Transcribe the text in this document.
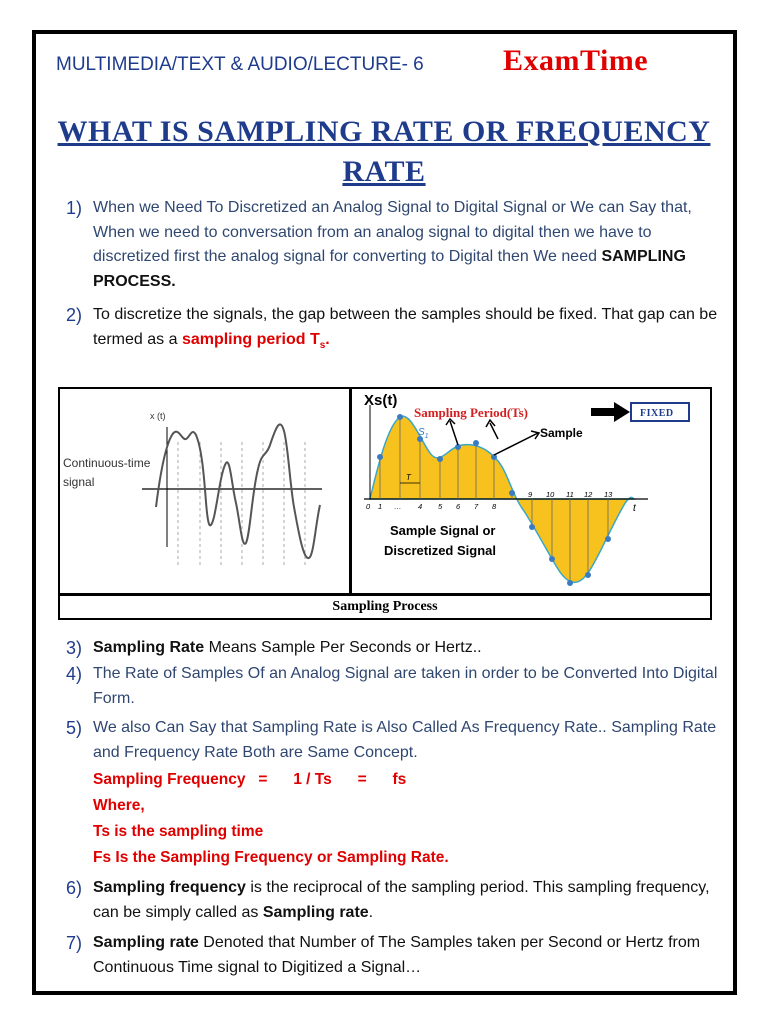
MULTIMEDIA/TEXT & AUDIO/LECTURE- 6	ExamTime
WHAT IS SAMPLING RATE OR FREQUENCY
RATE
1) When we Need To Discretized an Analog Signal to Digital Signal or We can Say that, When we need to conversation from an analog signal to digital then we have to discretized first the analog signal for converting to Digital then We need SAMPLING PROCESS.
2) To discretize the signals, the gap between the samples should be fixed. That gap can be termed as a sampling period $T_s$.
x (t)
Continuous-time
signal
0 1 … 4 5 6 7 8
9 10 11 12 13
t
T
$S_1$
Xs(t)
Sampling Period(Ts)	FIXED
Sample
Sample Signal or
Discretized Signal
Sampling Process
3) Sampling Rate Means Sample Per Seconds or Hertz..
4) The Rate of Samples Of an Analog Signal are taken in order to be Converted Into Digital Form.
5) We also Can Say that Sampling Rate is Also Called As Frequency Rate.. Sampling Rate and Frequency Rate Both are Same Concept.
Sampling Frequency   =      1 / Ts      =      fs
Where,
Ts is the sampling time
Fs Is the Sampling Frequency or Sampling Rate.
6) Sampling frequency is the reciprocal of the sampling period. This sampling frequency, can be simply called as Sampling rate.
7) Sampling rate Denoted that Number of The Samples taken per Second or Hertz from Continuous Time signal to Digitized a Signal…
